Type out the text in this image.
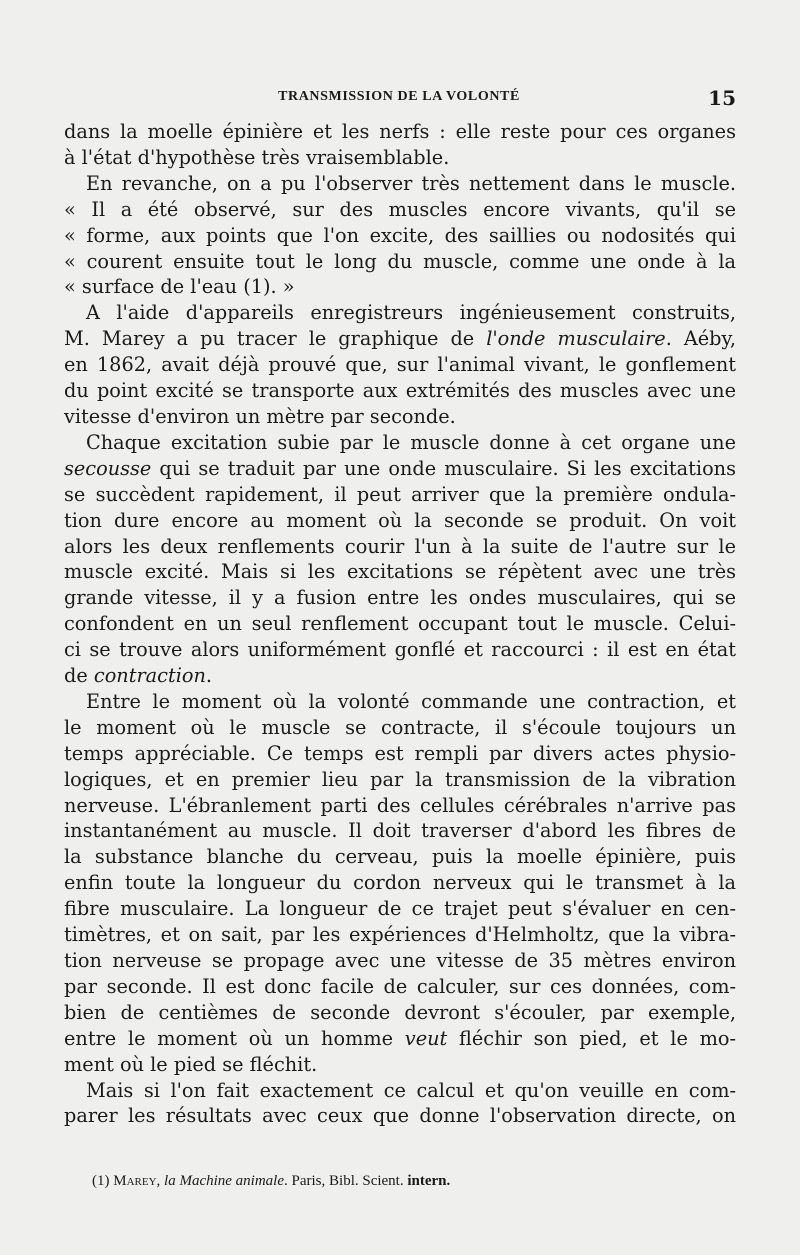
TRANSMISSION DE LA VOLONTÉ	15
dans la moelle épinière et les nerfs : elle reste pour ces organes
à l'état d'hypothèse très vraisemblable.
En revanche, on a pu l'observer très nettement dans le muscle.
« Il a été observé, sur des muscles encore vivants, qu'il se
« forme, aux points que l'on excite, des saillies ou nodosités qui
« courent ensuite tout le long du muscle, comme une onde à la
« surface de l'eau (1). »
A l'aide d'appareils enregistreurs ingénieusement construits,
M. Marey a pu tracer le graphique de l'onde musculaire. Aéby,
en 1862, avait déjà prouvé que, sur l'animal vivant, le gonflement
du point excité se transporte aux extrémités des muscles avec une
vitesse d'environ un mètre par seconde.
Chaque excitation subie par le muscle donne à cet organe une
secousse qui se traduit par une onde musculaire. Si les excitations
se succèdent rapidement, il peut arriver que la première ondula-
tion dure encore au moment où la seconde se produit. On voit
alors les deux renflements courir l'un à la suite de l'autre sur le
muscle excité. Mais si les excitations se répètent avec une très
grande vitesse, il y a fusion entre les ondes musculaires, qui se
confondent en un seul renflement occupant tout le muscle. Celui-
ci se trouve alors uniformément gonflé et raccourci : il est en état
de contraction.
Entre le moment où la volonté commande une contraction, et
le moment où le muscle se contracte, il s'écoule toujours un
temps appréciable. Ce temps est rempli par divers actes physio-
logiques, et en premier lieu par la transmission de la vibration
nerveuse. L'ébranlement parti des cellules cérébrales n'arrive pas
instantanément au muscle. Il doit traverser d'abord les fibres de
la substance blanche du cerveau, puis la moelle épinière, puis
enfin toute la longueur du cordon nerveux qui le transmet à la
fibre musculaire. La longueur de ce trajet peut s'évaluer en cen-
timètres, et on sait, par les expériences d'Helmholtz, que la vibra-
tion nerveuse se propage avec une vitesse de 35 mètres environ
par seconde. Il est donc facile de calculer, sur ces données, com-
bien de centièmes de seconde devront s'écouler, par exemple,
entre le moment où un homme veut fléchir son pied, et le mo-
ment où le pied se fléchit.
Mais si l'on fait exactement ce calcul et qu'on veuille en com-
parer les résultats avec ceux que donne l'observation directe, on
(1) Marey, la Machine animale. Paris, Bibl. Scient. intern.
